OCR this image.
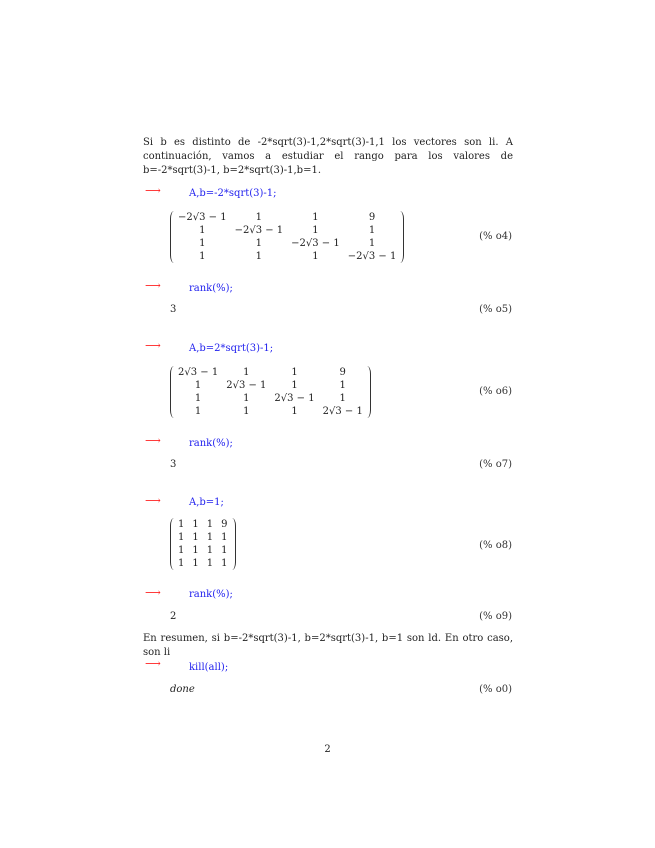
Si b es distinto de -2*sqrt(3)-1,2*sqrt(3)-1,1 los vectores son li. A continuación, vamos a estudiar el rango para los valores de b=-2*sqrt(3)-1, b=2*sqrt(3)-1,b=1.
⟶	A,b=-2*sqrt(3)-1;
−2√3 − 1	1	1	9
1	−2√3 − 1	1	1
1	1	−2√3 − 1	1
1	1	1	−2√3 − 1
(% o4)
⟶	rank(%);
3	(% o5)
⟶	A,b=2*sqrt(3)-1;
2√3 − 1	1	1	9
1	2√3 − 1	1	1
1	1	2√3 − 1	1
1	1	1	2√3 − 1
(% o6)
⟶	rank(%);
3	(% o7)
⟶	A,b=1;
1	1	1	9
1	1	1	1
1	1	1	1
1	1	1	1
(% o8)
⟶	rank(%);
2	(% o9)
En resumen, si b=-2*sqrt(3)-1, b=2*sqrt(3)-1, b=1 son ld. En otro caso, son li
⟶	kill(all);
done	(% o0)
2
